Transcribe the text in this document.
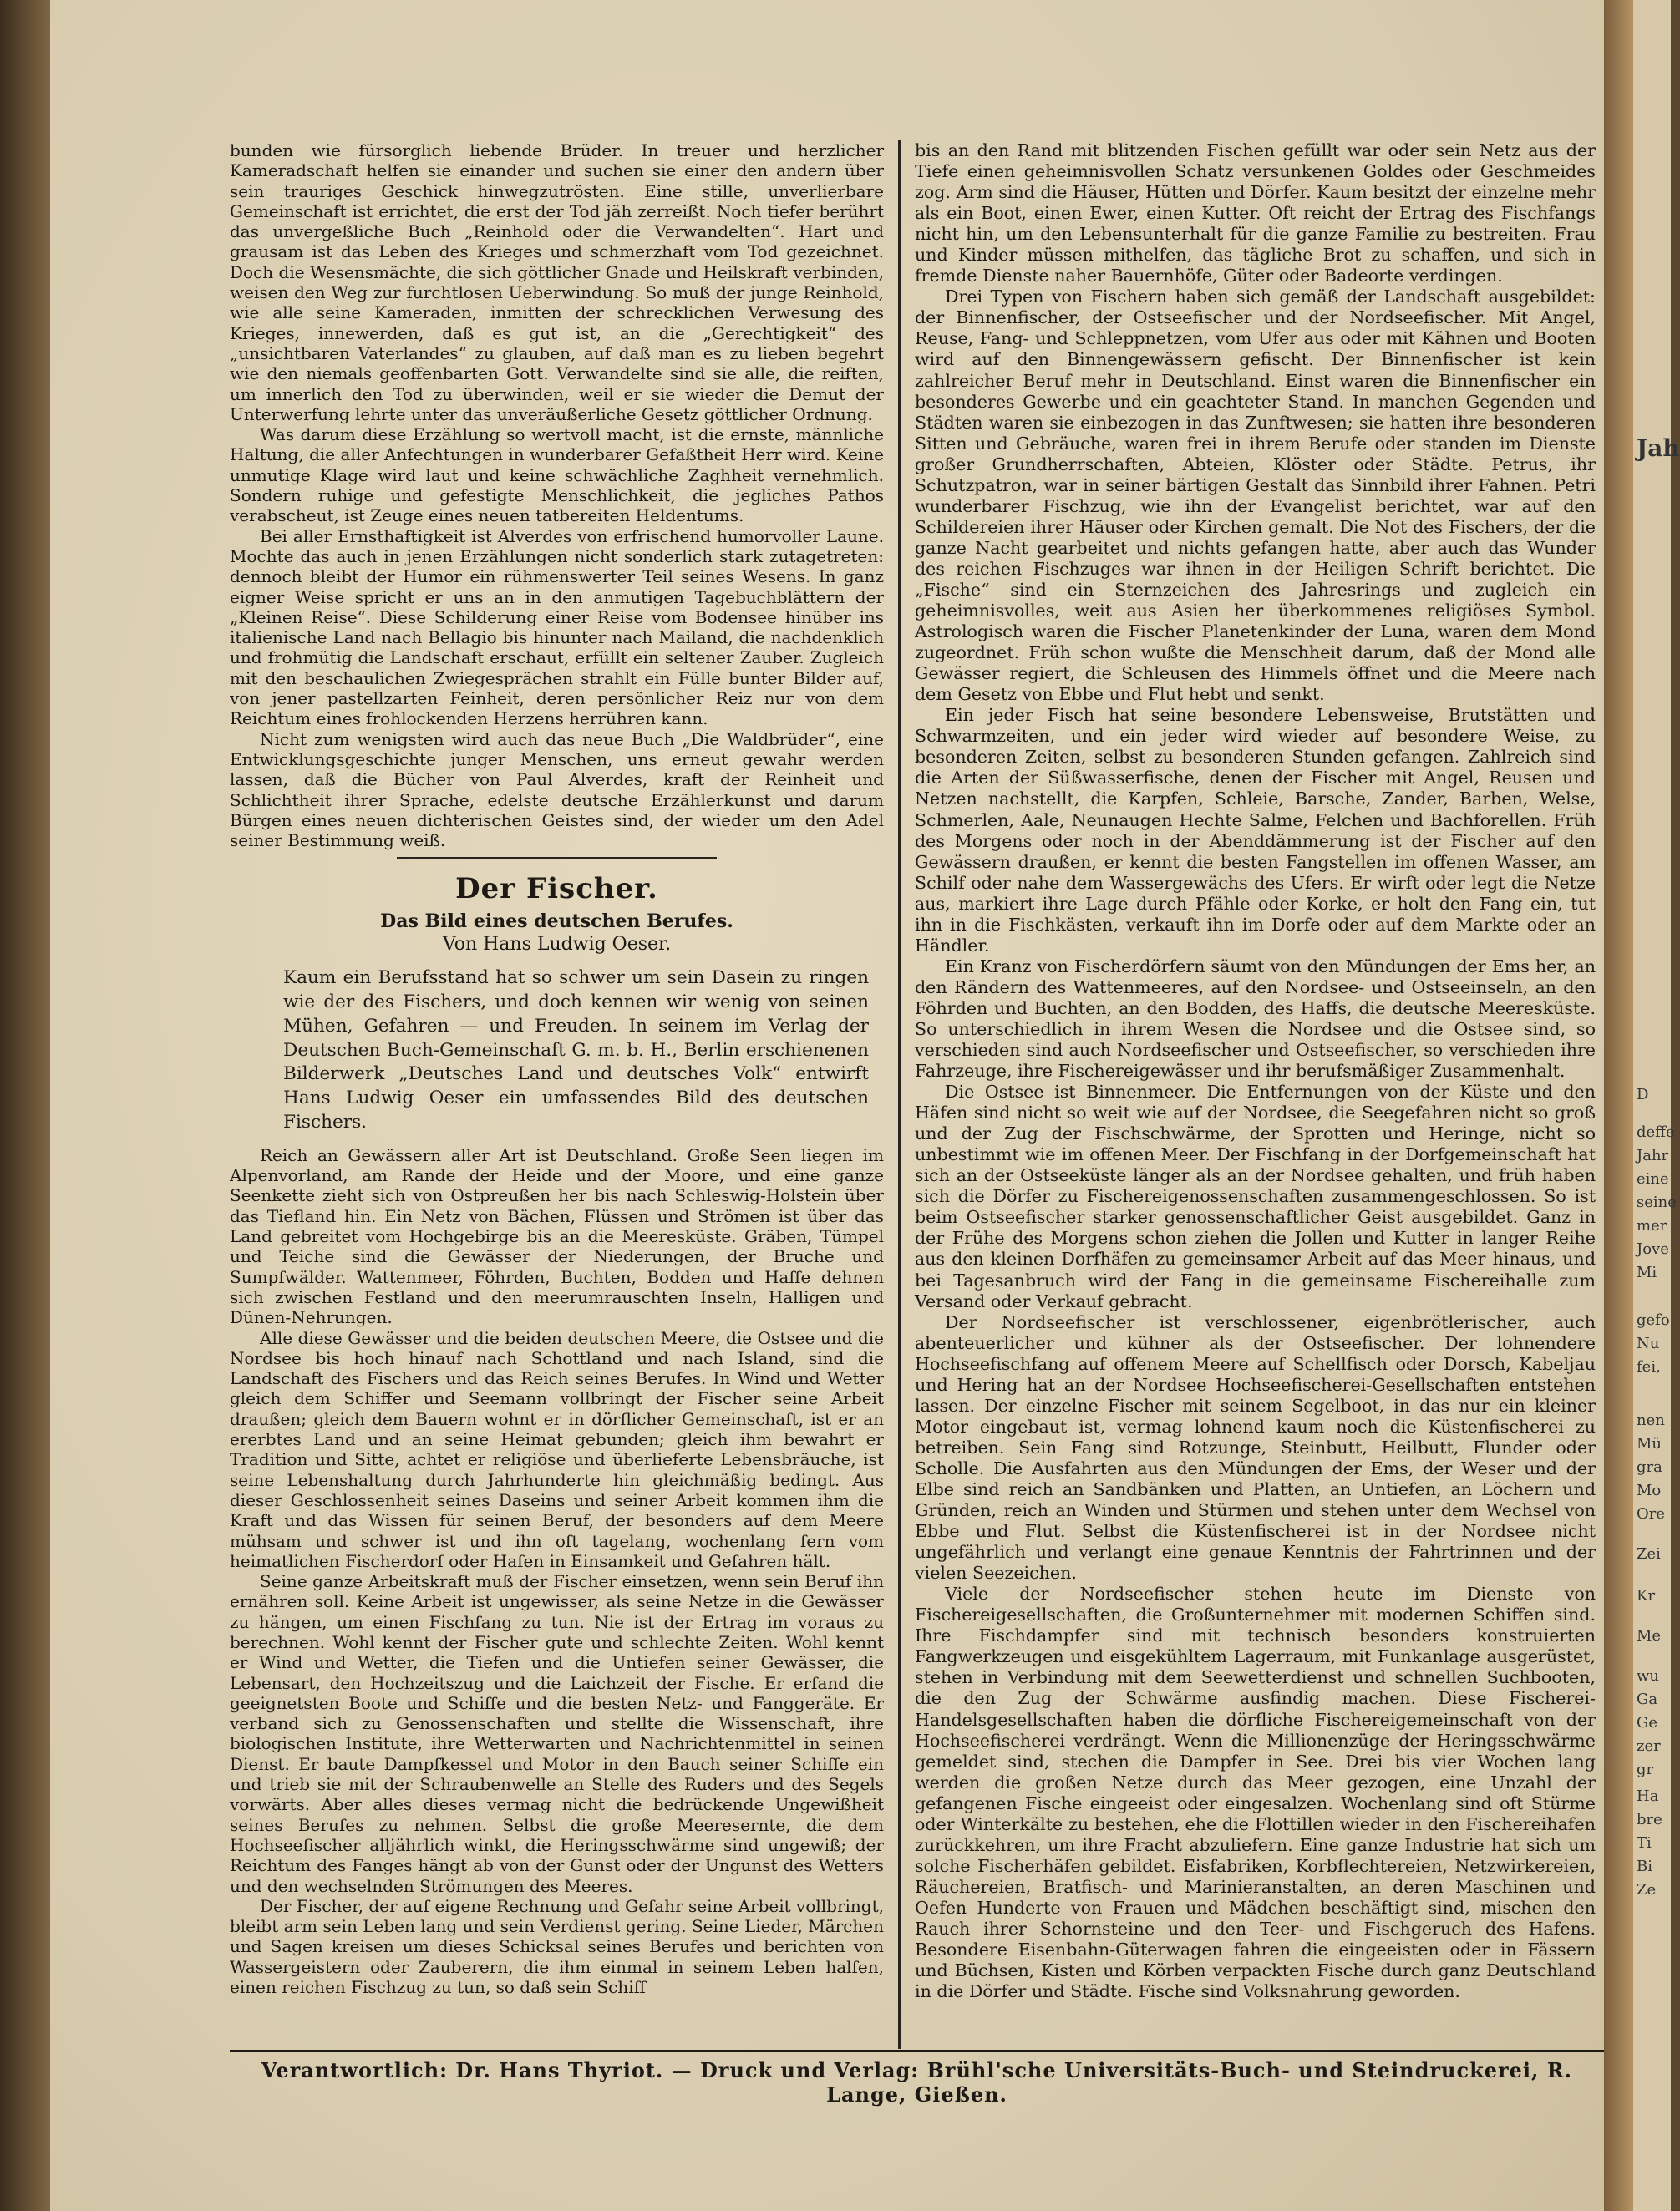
Jah
D
deffe
Jahr
eine
seine
mer
Jove
Mi
gefo
Nu
fei,
nen
Mü
gra
Mo
Ore
Zei
Kr
Me
wu
Ga
Ge
zer
gr
Ha
bre
Ti
Bi
Ze

bunden wie fürsorglich liebende Brüder. In treuer und herzlicher Kameradschaft helfen sie einander und suchen sie einer den andern über sein trauriges Geschick hinwegzutrösten. Eine stille, unverlierbare Gemeinschaft ist errichtet, die erst der Tod jäh zerreißt. Noch tiefer berührt das unvergeßliche Buch „Reinhold oder die Verwandelten“. Hart und grausam ist das Leben des Krieges und schmerzhaft vom Tod gezeichnet. Doch die Wesensmächte, die sich göttlicher Gnade und Heilskraft verbinden, weisen den Weg zur furchtlosen Ueberwindung. So muß der junge Reinhold, wie alle seine Kameraden, inmitten der schrecklichen Verwesung des Krieges, innewerden, daß es gut ist, an die „Gerechtigkeit“ des „unsichtbaren Vaterlandes“ zu glauben, auf daß man es zu lieben begehrt wie den niemals geoffenbarten Gott. Verwandelte sind sie alle, die reiften, um innerlich den Tod zu überwinden, weil er sie wieder die Demut der Unterwerfung lehrte unter das unveräußerliche Gesetz göttlicher Ordnung.

Was darum diese Erzählung so wertvoll macht, ist die ernste, männliche Haltung, die aller Anfechtungen in wunderbarer Gefaßtheit Herr wird. Keine unmutige Klage wird laut und keine schwächliche Zaghheit vernehmlich. Sondern ruhige und gefestigte Menschlichkeit, die jegliches Pathos verabscheut, ist Zeuge eines neuen tatbereiten Heldentums.

Bei aller Ernsthaftigkeit ist Alverdes von erfrischend humorvoller Laune. Mochte das auch in jenen Erzählungen nicht sonderlich stark zutagetreten: dennoch bleibt der Humor ein rühmenswerter Teil seines Wesens. In ganz eigner Weise spricht er uns an in den anmutigen Tagebuchblättern der „Kleinen Reise“. Diese Schilderung einer Reise vom Bodensee hinüber ins italienische Land nach Bellagio bis hinunter nach Mailand, die nachdenklich und frohmütig die Landschaft erschaut, erfüllt ein seltener Zauber. Zugleich mit den beschaulichen Zwiegesprächen strahlt ein Fülle bunter Bilder auf, von jener pastellzarten Feinheit, deren persönlicher Reiz nur von dem Reichtum eines frohlockenden Herzens herrühren kann.

Nicht zum wenigsten wird auch das neue Buch „Die Waldbrüder“, eine Entwicklungsgeschichte junger Menschen, uns erneut gewahr werden lassen, daß die Bücher von Paul Alverdes, kraft der Reinheit und Schlichtheit ihrer Sprache, edelste deutsche Erzählerkunst und darum Bürgen eines neuen dichterischen Geistes sind, der wieder um den Adel seiner Bestimmung weiß.

Der Fischer.
Das Bild eines deutschen Berufes.
Von Hans Ludwig Oeser.
Kaum ein Berufsstand hat so schwer um sein Dasein zu ringen wie der des Fischers, und doch kennen wir wenig von seinen Mühen, Gefahren — und Freuden. In seinem im Verlag der Deutschen Buch-Gemeinschaft G. m. b. H., Berlin erschienenen Bilderwerk „Deutsches Land und deutsches Volk“ entwirft Hans Ludwig Oeser ein umfassendes Bild des deutschen Fischers.

Reich an Gewässern aller Art ist Deutschland. Große Seen liegen im Alpenvorland, am Rande der Heide und der Moore, und eine ganze Seenkette zieht sich von Ostpreußen her bis nach Schleswig-Holstein über das Tiefland hin. Ein Netz von Bächen, Flüssen und Strömen ist über das Land gebreitet vom Hochgebirge bis an die Meeresküste. Gräben, Tümpel und Teiche sind die Gewässer der Niederungen, der Bruche und Sumpfwälder. Wattenmeer, Föhrden, Buchten, Bodden und Haffe dehnen sich zwischen Festland und den meerumrauschten Inseln, Halligen und Dünen-Nehrungen.

Alle diese Gewässer und die beiden deutschen Meere, die Ostsee und die Nordsee bis hoch hinauf nach Schottland und nach Island, sind die Landschaft des Fischers und das Reich seines Berufes. In Wind und Wetter gleich dem Schiffer und Seemann vollbringt der Fischer seine Arbeit draußen; gleich dem Bauern wohnt er in dörflicher Gemeinschaft, ist er an ererbtes Land und an seine Heimat gebunden; gleich ihm bewahrt er Tradition und Sitte, achtet er religiöse und überlieferte Lebensbräuche, ist seine Lebenshaltung durch Jahrhunderte hin gleichmäßig bedingt. Aus dieser Geschlossenheit seines Daseins und seiner Arbeit kommen ihm die Kraft und das Wissen für seinen Beruf, der besonders auf dem Meere mühsam und schwer ist und ihn oft tagelang, wochenlang fern vom heimatlichen Fischerdorf oder Hafen in Einsamkeit und Gefahren hält.

Seine ganze Arbeitskraft muß der Fischer einsetzen, wenn sein Beruf ihn ernähren soll. Keine Arbeit ist ungewisser, als seine Netze in die Gewässer zu hängen, um einen Fischfang zu tun. Nie ist der Ertrag im voraus zu berechnen. Wohl kennt der Fischer gute und schlechte Zeiten. Wohl kennt er Wind und Wetter, die Tiefen und die Untiefen seiner Gewässer, die Lebensart, den Hochzeitszug und die Laichzeit der Fische. Er erfand die geeignetsten Boote und Schiffe und die besten Netz- und Fanggeräte. Er verband sich zu Genossenschaften und stellte die Wissenschaft, ihre biologischen Institute, ihre Wetterwarten und Nachrichtenmittel in seinen Dienst. Er baute Dampfkessel und Motor in den Bauch seiner Schiffe ein und trieb sie mit der Schraubenwelle an Stelle des Ruders und des Segels vorwärts. Aber alles dieses vermag nicht die bedrückende Ungewißheit seines Berufes zu nehmen. Selbst die große Meeresernte, die dem Hochseefischer alljährlich winkt, die Heringsschwärme sind ungewiß; der Reichtum des Fanges hängt ab von der Gunst oder der Ungunst des Wetters und den wechselnden Strömungen des Meeres.

Der Fischer, der auf eigene Rechnung und Gefahr seine Arbeit vollbringt, bleibt arm sein Leben lang und sein Verdienst gering. Seine Lieder, Märchen und Sagen kreisen um dieses Schicksal seines Berufes und berichten von Wassergeistern oder Zauberern, die ihm einmal in seinem Leben halfen, einen reichen Fischzug zu tun, so daß sein Schiff

bis an den Rand mit blitzenden Fischen gefüllt war oder sein Netz aus der Tiefe einen geheimnisvollen Schatz versunkenen Goldes oder Geschmeides zog. Arm sind die Häuser, Hütten und Dörfer. Kaum besitzt der einzelne mehr als ein Boot, einen Ewer, einen Kutter. Oft reicht der Ertrag des Fischfangs nicht hin, um den Lebensunterhalt für die ganze Familie zu bestreiten. Frau und Kinder müssen mithelfen, das tägliche Brot zu schaffen, und sich in fremde Dienste naher Bauernhöfe, Güter oder Badeorte verdingen.

Drei Typen von Fischern haben sich gemäß der Landschaft ausgebildet: der Binnenfischer, der Ostseefischer und der Nordseefischer. Mit Angel, Reuse, Fang- und Schleppnetzen, vom Ufer aus oder mit Kähnen und Booten wird auf den Binnengewässern gefischt. Der Binnenfischer ist kein zahlreicher Beruf mehr in Deutschland. Einst waren die Binnenfischer ein besonderes Gewerbe und ein geachteter Stand. In manchen Gegenden und Städten waren sie einbezogen in das Zunftwesen; sie hatten ihre besonderen Sitten und Gebräuche, waren frei in ihrem Berufe oder standen im Dienste großer Grundherrschaften, Abteien, Klöster oder Städte. Petrus, ihr Schutzpatron, war in seiner bärtigen Gestalt das Sinnbild ihrer Fahnen. Petri wunderbarer Fischzug, wie ihn der Evangelist berichtet, war auf den Schildereien ihrer Häuser oder Kirchen gemalt. Die Not des Fischers, der die ganze Nacht gearbeitet und nichts gefangen hatte, aber auch das Wunder des reichen Fischzuges war ihnen in der Heiligen Schrift berichtet. Die „Fische“ sind ein Sternzeichen des Jahresrings und zugleich ein geheimnisvolles, weit aus Asien her überkommenes religiöses Symbol. Astrologisch waren die Fischer Planetenkinder der Luna, waren dem Mond zugeordnet. Früh schon wußte die Menschheit darum, daß der Mond alle Gewässer regiert, die Schleusen des Himmels öffnet und die Meere nach dem Gesetz von Ebbe und Flut hebt und senkt.

Ein jeder Fisch hat seine besondere Lebensweise, Brutstätten und Schwarmzeiten, und ein jeder wird wieder auf besondere Weise, zu besonderen Zeiten, selbst zu besonderen Stunden gefangen. Zahlreich sind die Arten der Süßwasserfische, denen der Fischer mit Angel, Reusen und Netzen nachstellt, die Karpfen, Schleie, Barsche, Zander, Barben, Welse, Schmerlen, Aale, Neunaugen Hechte Salme, Felchen und Bachforellen. Früh des Morgens oder noch in der Abenddämmerung ist der Fischer auf den Gewässern draußen, er kennt die besten Fangstellen im offenen Wasser, am Schilf oder nahe dem Wassergewächs des Ufers. Er wirft oder legt die Netze aus, markiert ihre Lage durch Pfähle oder Korke, er holt den Fang ein, tut ihn in die Fischkästen, verkauft ihn im Dorfe oder auf dem Markte oder an Händler.

Ein Kranz von Fischerdörfern säumt von den Mündungen der Ems her, an den Rändern des Wattenmeeres, auf den Nordsee- und Ostseeinseln, an den Föhrden und Buchten, an den Bodden, des Haffs, die deutsche Meeresküste. So unterschiedlich in ihrem Wesen die Nordsee und die Ostsee sind, so verschieden sind auch Nordseefischer und Ostseefischer, so verschieden ihre Fahrzeuge, ihre Fischereigewässer und ihr berufsmäßiger Zusammenhalt.

Die Ostsee ist Binnenmeer. Die Entfernungen von der Küste und den Häfen sind nicht so weit wie auf der Nordsee, die Seegefahren nicht so groß und der Zug der Fischschwärme, der Sprotten und Heringe, nicht so unbestimmt wie im offenen Meer. Der Fischfang in der Dorfgemeinschaft hat sich an der Ostseeküste länger als an der Nordsee gehalten, und früh haben sich die Dörfer zu Fischereigenossenschaften zusammengeschlossen. So ist beim Ostseefischer starker genossenschaftlicher Geist ausgebildet. Ganz in der Frühe des Morgens schon ziehen die Jollen und Kutter in langer Reihe aus den kleinen Dorfhäfen zu gemeinsamer Arbeit auf das Meer hinaus, und bei Tagesanbruch wird der Fang in die gemeinsame Fischereihalle zum Versand oder Verkauf gebracht.

Der Nordseefischer ist verschlossener, eigenbrötlerischer, auch abenteuerlicher und kühner als der Ostseefischer. Der lohnendere Hochseefischfang auf offenem Meere auf Schellfisch oder Dorsch, Kabeljau und Hering hat an der Nordsee Hochseefischerei-Gesellschaften entstehen lassen. Der einzelne Fischer mit seinem Segelboot, in das nur ein kleiner Motor eingebaut ist, vermag lohnend kaum noch die Küstenfischerei zu betreiben. Sein Fang sind Rotzunge, Steinbutt, Heilbutt, Flunder oder Scholle. Die Ausfahrten aus den Mündungen der Ems, der Weser und der Elbe sind reich an Sandbänken und Platten, an Untiefen, an Löchern und Gründen, reich an Winden und Stürmen und stehen unter dem Wechsel von Ebbe und Flut. Selbst die Küstenfischerei ist in der Nordsee nicht ungefährlich und verlangt eine genaue Kenntnis der Fahrtrinnen und der vielen Seezeichen.

Viele der Nordseefischer stehen heute im Dienste von Fischereigesellschaften, die Großunternehmer mit modernen Schiffen sind. Ihre Fischdampfer sind mit technisch besonders konstruierten Fangwerkzeugen und eisgekühltem Lagerraum, mit Funkanlage ausgerüstet, stehen in Verbindung mit dem Seewetterdienst und schnellen Suchbooten, die den Zug der Schwärme ausfindig machen. Diese Fischerei-Handelsgesellschaften haben die dörfliche Fischereigemeinschaft von der Hochseefischerei verdrängt. Wenn die Millionenzüge der Heringsschwärme gemeldet sind, stechen die Dampfer in See. Drei bis vier Wochen lang werden die großen Netze durch das Meer gezogen, eine Unzahl der gefangenen Fische eingeeist oder eingesalzen. Wochenlang sind oft Stürme oder Winterkälte zu bestehen, ehe die Flottillen wieder in den Fischereihafen zurückkehren, um ihre Fracht abzuliefern. Eine ganze Industrie hat sich um solche Fischerhäfen gebildet. Eisfabriken, Korbflechtereien, Netzwirkereien, Räuchereien, Bratfisch- und Marinieranstalten, an deren Maschinen und Oefen Hunderte von Frauen und Mädchen beschäftigt sind, mischen den Rauch ihrer Schornsteine und den Teer- und Fischgeruch des Hafens. Besondere Eisenbahn-Güterwagen fahren die eingeeisten oder in Fässern und Büchsen, Kisten und Körben verpackten Fische durch ganz Deutschland in die Dörfer und Städte. Fische sind Volksnahrung geworden.

Verantwortlich: Dr. Hans Thyriot. — Druck und Verlag: Brühl'sche Universitäts-Buch- und Steindruckerei, R. Lange, Gießen.
